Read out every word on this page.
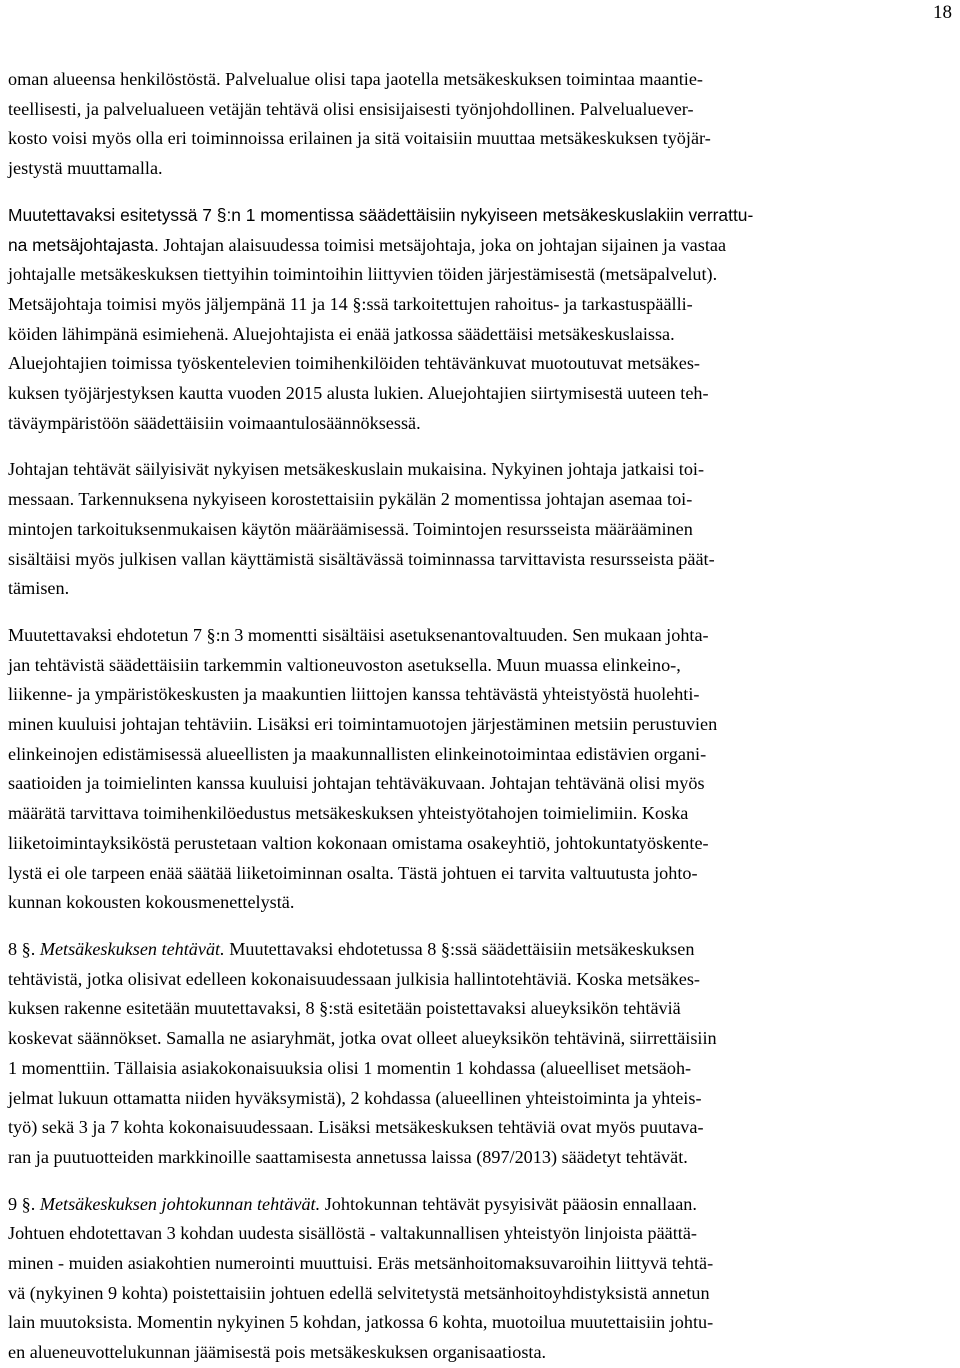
18

oman alueensa henkilöstöstä. Palvelualue olisi tapa jaotella metsäkeskuksen toimintaa maantie-
teellisesti, ja palvelualueen vetäjän tehtävä olisi ensisijaisesti työnjohdollinen. Palvelualuever-
kosto voisi myös olla eri toiminnoissa erilainen ja sitä voitaisiin muuttaa metsäkeskuksen työjär-
jestystä muuttamalla.

Muutettavaksi esitetyssä 7 §:n 1 momentissa säädettäisiin nykyiseen metsäkeskuslakiin verrattu-
na metsäjohtajasta. Johtajan alaisuudessa toimisi metsäjohtaja, joka on johtajan sijainen ja vastaa
johtajalle metsäkeskuksen tiettyihin toimintoihin liittyvien töiden järjestämisestä (metsäpalvelut).
Metsäjohtaja toimisi myös jäljempänä 11 ja 14 §:ssä tarkoitettujen rahoitus- ja tarkastuspäälli-
köiden lähimpänä esimiehenä. Aluejohtajista ei enää jatkossa säädettäisi metsäkeskuslaissa.
Aluejohtajien toimissa työskentelevien toimihenkilöiden tehtävänkuvat muotoutuvat metsäkes-
kuksen työjärjestyksen kautta vuoden 2015 alusta lukien. Aluejohtajien siirtymisestä uuteen teh-
täväympäristöön säädettäisiin voimaantulosäännöksessä.

Johtajan tehtävät säilyisivät nykyisen metsäkeskuslain mukaisina. Nykyinen johtaja jatkaisi toi-
messaan. Tarkennuksena nykyiseen korostettaisiin pykälän 2 momentissa johtajan asemaa toi-
mintojen tarkoituksenmukaisen käytön määräämisessä. Toimintojen resursseista määrääminen
sisältäisi myös julkisen vallan käyttämistä sisältävässä toiminnassa tarvittavista resursseista päät-
tämisen.

Muutettavaksi ehdotetun 7 §:n 3 momentti sisältäisi asetuksenantovaltuuden. Sen mukaan johta-
jan tehtävistä säädettäisiin tarkemmin valtioneuvoston asetuksella. Muun muassa elinkeino-,
liikenne- ja ympäristökeskusten ja maakuntien liittojen kanssa tehtävästä yhteistyöstä huolehti-
minen kuuluisi johtajan tehtäviin. Lisäksi eri toimintamuotojen järjestäminen metsiin perustuvien
elinkeinojen edistämisessä alueellisten ja maakunnallisten elinkeinotoimintaa edistävien organi-
saatioiden ja toimielinten kanssa kuuluisi johtajan tehtäväkuvaan. Johtajan tehtävänä olisi myös
määrätä tarvittava toimihenkilöedustus metsäkeskuksen yhteistyötahojen toimielimiin. Koska
liiketoimintayksiköstä perustetaan valtion kokonaan omistama osakeyhtiö, johtokuntatyöskente-
lystä ei ole tarpeen enää säätää liiketoiminnan osalta. Tästä johtuen ei tarvita valtuutusta johto-
kunnan kokousten kokousmenettelystä.

8 §. Metsäkeskuksen tehtävät. Muutettavaksi ehdotetussa 8 §:ssä säädettäisiin metsäkeskuksen
tehtävistä, jotka olisivat edelleen kokonaisuudessaan julkisia hallintotehtäviä. Koska metsäkes-
kuksen rakenne esitetään muutettavaksi, 8 §:stä esitetään poistettavaksi alueyksikön tehtäviä
koskevat säännökset. Samalla ne asiaryhmät, jotka ovat olleet alueyksikön tehtävinä, siirrettäisiin
1 momenttiin. Tällaisia asiakokonaisuuksia olisi 1 momentin 1 kohdassa (alueelliset metsäoh-
jelmat lukuun ottamatta niiden hyväksymistä), 2 kohdassa (alueellinen yhteistoiminta ja yhteis-
työ) sekä 3 ja 7 kohta kokonaisuudessaan. Lisäksi metsäkeskuksen tehtäviä ovat myös puutava-
ran ja puutuotteiden markkinoille saattamisesta annetussa laissa (897/2013) säädetyt tehtävät.

9 §. Metsäkeskuksen johtokunnan tehtävät. Johtokunnan tehtävät pysyisivät pääosin ennallaan.
Johtuen ehdotettavan 3 kohdan uudesta sisällöstä - valtakunnallisen yhteistyön linjoista päättä-
minen - muiden asiakohtien numerointi muuttuisi. Eräs metsänhoitomaksuvaroihin liittyvä tehtä-
vä (nykyinen 9 kohta) poistettaisiin johtuen edellä selvitetystä metsänhoitoyhdistyksistä annetun
lain muutoksista. Momentin nykyinen 5 kohdan, jatkossa 6 kohta, muotoilua muutettaisiin johtu-
en alueneuvottelukunnan jäämisestä pois metsäkeskuksen organisaatiosta.
